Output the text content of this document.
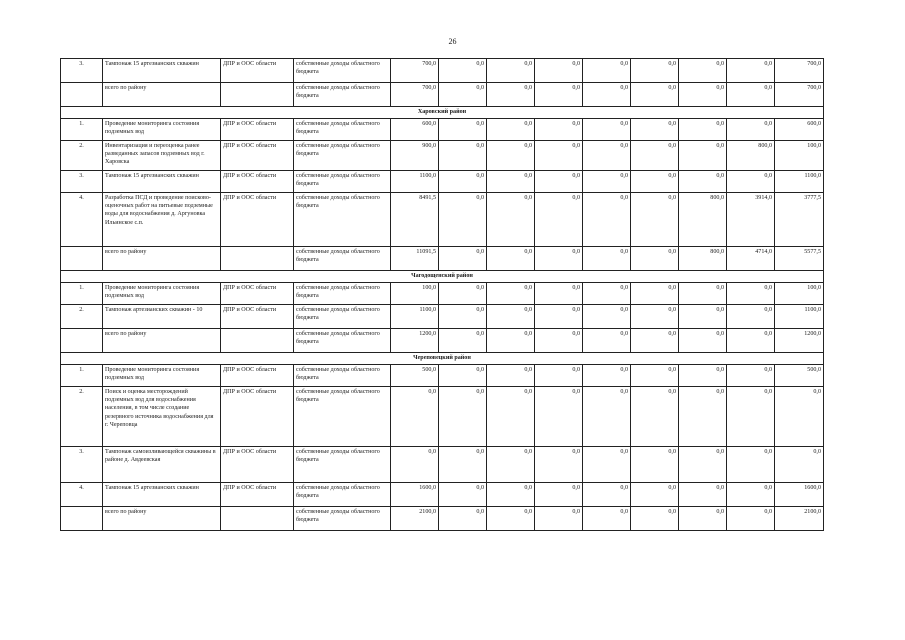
26
3.	Тампонаж 15 артезианских скважин	ДПР и ООС области	собственные доходы областного бюджета	700,0	0,0	0,0	0,0	0,0	0,0	0,0	0,0	700,0
	всего по району		собственные доходы областного бюджета	700,0	0,0	0,0	0,0	0,0	0,0	0,0	0,0	700,0
Харовский район												
1.	Проведение мониторинга состояния подземных вод	ДПР и ООС области	собственные доходы областного бюджета	600,0	0,0	0,0	0,0	0,0	0,0	0,0	0,0	600,0
2.	Инвентаризация и переоценка ранее разведанных запасов подземных вод г. Харовска	ДПР и ООС области	собственные доходы областного бюджета	900,0	0,0	0,0	0,0	0,0	0,0	0,0	800,0	100,0
3.	Тампонаж 15 артезианских скважин	ДПР и ООС области	собственные доходы областного бюджета	1100,0	0,0	0,0	0,0	0,0	0,0	0,0	0,0	1100,0
4.	Разработка ПСД и проведение поисково-оценочных работ на питьевые подземные воды для водоснабжения д. Аргуновка Ильинское с.п.	ДПР и ООС области	собственные доходы областного бюджета	8491,5	0,0	0,0	0,0	0,0	0,0	800,0	3914,0	3777,5
	всего по району		собственные доходы областного бюджета	11091,5	0,0	0,0	0,0	0,0	0,0	800,0	4714,0	5577,5
Чагодощенский район												
1.	Проведение мониторинга состояния подземных вод	ДПР и ООС области	собственные доходы областного бюджета	100,0	0,0	0,0	0,0	0,0	0,0	0,0	0,0	100,0
2.	Тампонаж артезианских скважин - 10	ДПР и ООС области	собственные доходы областного бюджета	1100,0	0,0	0,0	0,0	0,0	0,0	0,0	0,0	1100,0
	всего по району		собственные доходы областного бюджета	1200,0	0,0	0,0	0,0	0,0	0,0	0,0	0,0	1200,0
Череповецкий район												
1.	Проведение мониторинга состояния подземных вод	ДПР и ООС области	собственные доходы областного бюджета	500,0	0,0	0,0	0,0	0,0	0,0	0,0	0,0	500,0
2.	Поиск и оценка месторождений подземных вод для водоснабжения населения, в том числе создание резервного источника водоснабжения для г. Череповца	ДПР и ООС области	собственные доходы областного бюджета	0,0	0,0	0,0	0,0	0,0	0,0	0,0	0,0	0,0
3.	Тампонаж самоизливающейся скважины в районе д. Авдеевская	ДПР и ООС области	собственные доходы областного бюджета	0,0	0,0	0,0	0,0	0,0	0,0	0,0	0,0	0,0
4.	Тампонаж 15 артезианских скважин	ДПР и ООС области	собственные доходы областного бюджета	1600,0	0,0	0,0	0,0	0,0	0,0	0,0	0,0	1600,0
	всего по району		собственные доходы областного бюджета	2100,0	0,0	0,0	0,0	0,0	0,0	0,0	0,0	2100,0
